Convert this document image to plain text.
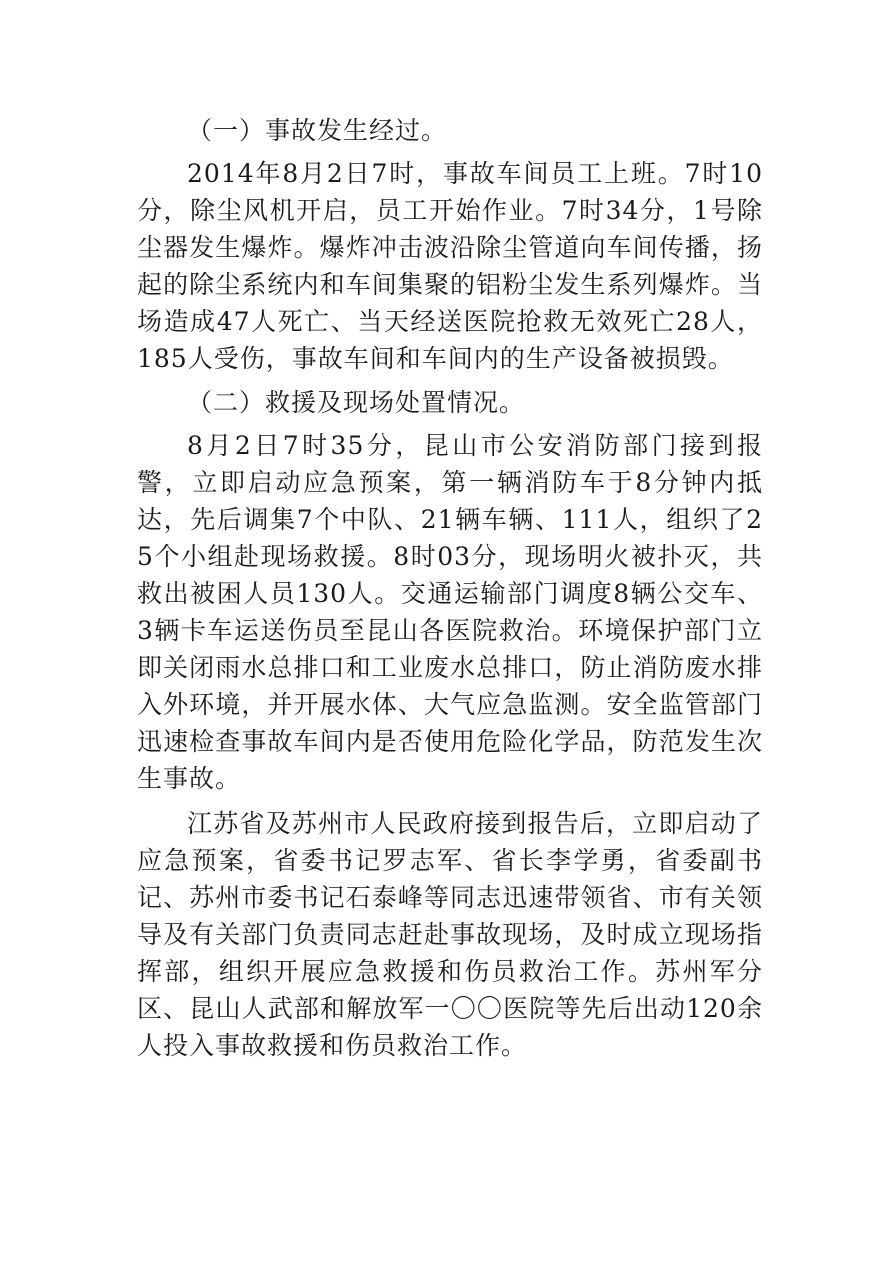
（一）事故发生经过。

2014年8月2日7时，事故车间员工上班。7时10分，除尘风机开启，员工开始作业。7时34分，1号除尘器发生爆炸。爆炸冲击波沿除尘管道向车间传播，扬起的除尘系统内和车间集聚的铝粉尘发生系列爆炸。当场造成47人死亡、当天经送医院抢救无效死亡28人，185人受伤，事故车间和车间内的生产设备被损毁。

（二）救援及现场处置情况。

8月2日7时35分，昆山市公安消防部门接到报警，立即启动应急预案，第一辆消防车于8分钟内抵达，先后调集7个中队、21辆车辆、111人，组织了25个小组赴现场救援。8时03分，现场明火被扑灭，共救出被困人员130人。交通运输部门调度8辆公交车、3辆卡车运送伤员至昆山各医院救治。环境保护部门立即关闭雨水总排口和工业废水总排口，防止消防废水排入外环境，并开展水体、大气应急监测。安全监管部门迅速检查事故车间内是否使用危险化学品，防范发生次生事故。

江苏省及苏州市人民政府接到报告后，立即启动了应急预案，省委书记罗志军、省长李学勇，省委副书记、苏州市委书记石泰峰等同志迅速带领省、市有关领导及有关部门负责同志赶赴事故现场，及时成立现场指挥部，组织开展应急救援和伤员救治工作。苏州军分区、昆山人武部和解放军一〇〇医院等先后出动120余人投入事故救援和伤员救治工作。
